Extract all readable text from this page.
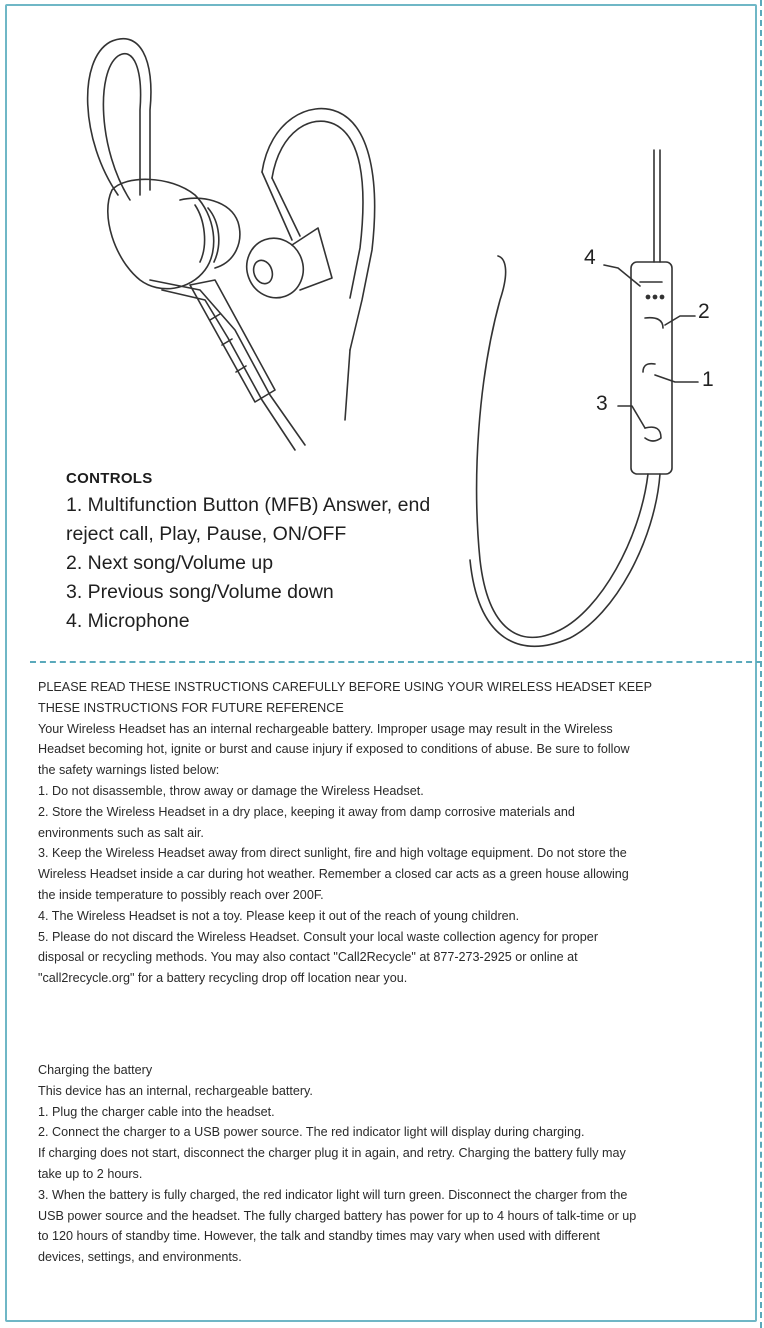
4
2
1
3
CONTROLS
1. Multifunction Button (MFB) Answer, end
reject call, Play, Pause, ON/OFF
2. Next song/Volume up
3. Previous song/Volume down
4. Microphone

PLEASE READ THESE INSTRUCTIONS CAREFULLY BEFORE USING YOUR WIRELESS HEADSET KEEP

THESE INSTRUCTIONS FOR FUTURE REFERENCE

Your Wireless Headset has an internal rechargeable battery. Improper usage may result in the Wireless

Headset becoming hot, ignite or burst and cause injury if exposed to conditions of abuse. Be sure to follow

the safety warnings listed below:

1. Do not disassemble, throw away or damage the Wireless Headset.

2. Store the Wireless Headset in a dry place, keeping it away from damp corrosive materials and

environments such as salt air.

3. Keep the Wireless Headset away from direct sunlight, fire and high voltage equipment. Do not store the

Wireless Headset inside a car during hot weather. Remember a closed car acts as a green house allowing

the inside temperature to possibly reach over 200F.

4. The Wireless Headset is not a toy. Please keep it out of the reach of young children.

5. Please do not discard the Wireless Headset. Consult your local waste collection agency for proper

disposal or recycling methods. You may also contact "Call2Recycle" at 877-273-2925 or online at

"call2recycle.org" for a battery recycling drop off location near you.

Charging the battery

This device has an internal, rechargeable battery.

1. Plug the charger cable into the headset.

2. Connect the charger to a USB power source. The red indicator light will display during charging.

If charging does not start, disconnect the charger plug it in again, and retry. Charging the battery fully may

take up to 2 hours.

3. When the battery is fully charged, the red indicator light will turn green. Disconnect the charger from the

USB power source and the headset. The fully charged battery has power for up to 4 hours of talk-time or up

to 120 hours of standby time. However, the talk and standby times may vary when used with different

devices, settings, and environments.
